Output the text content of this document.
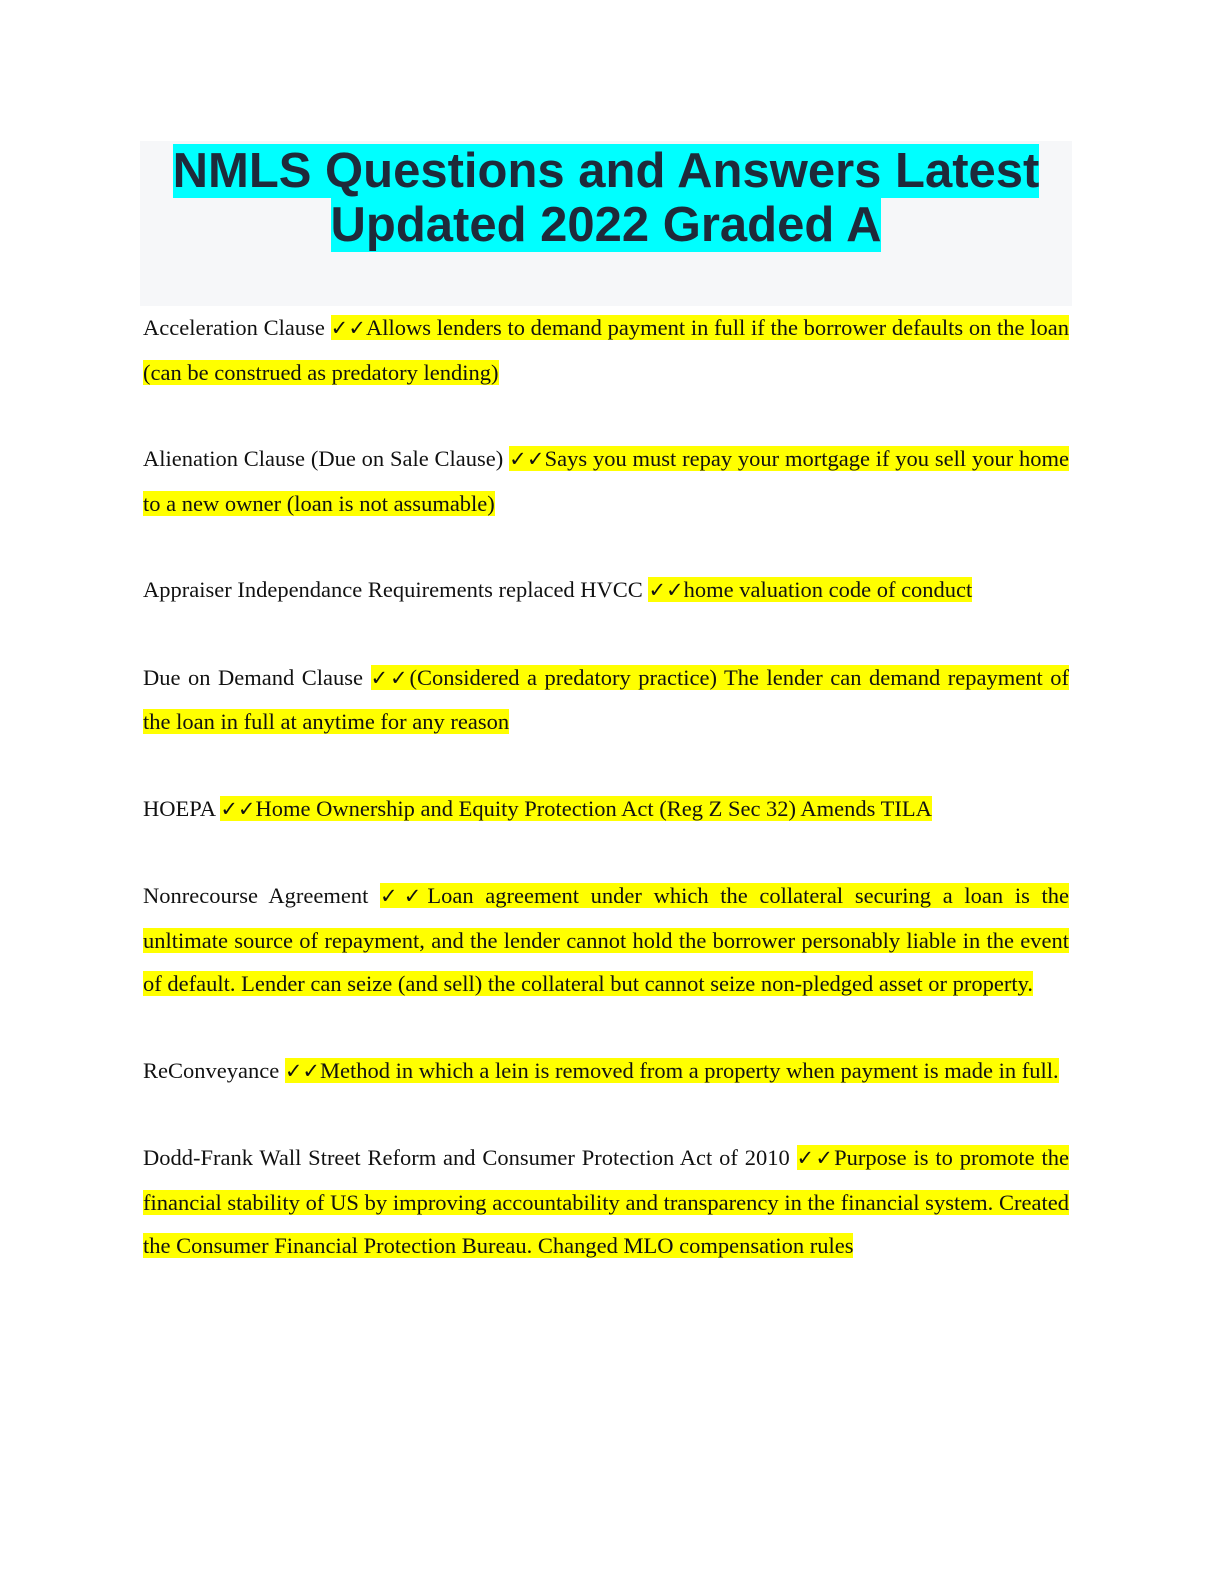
NMLS Questions and Answers Latest
Updated 2022 Graded A

Acceleration Clause ✓✓Allows lenders to demand payment in full if the borrower defaults on the loan (can be construed as predatory lending)

Alienation Clause (Due on Sale Clause) ✓✓Says you must repay your mortgage if you sell your home to a new owner (loan is not assumable)

Appraiser Independance Requirements replaced HVCC ✓✓home valuation code of conduct

Due on Demand Clause ✓✓(Considered a predatory practice) The lender can demand repayment of the loan in full at anytime for any reason

HOEPA ✓✓Home Ownership and Equity Protection Act (Reg Z Sec 32) Amends TILA

Nonrecourse Agreement ✓✓Loan agreement under which the collateral securing a loan is the unltimate source of repayment, and the lender cannot hold the borrower personably liable in the event of default. Lender can seize (and sell) the collateral but cannot seize non-pledged asset or property.

ReConveyance ✓✓Method in which a lein is removed from a property when payment is made in full.

Dodd-Frank Wall Street Reform and Consumer Protection Act of 2010 ✓✓Purpose is to promote the financial stability of US by improving accountability and transparency in the financial system. Created the Consumer Financial Protection Bureau. Changed MLO compensation rules
